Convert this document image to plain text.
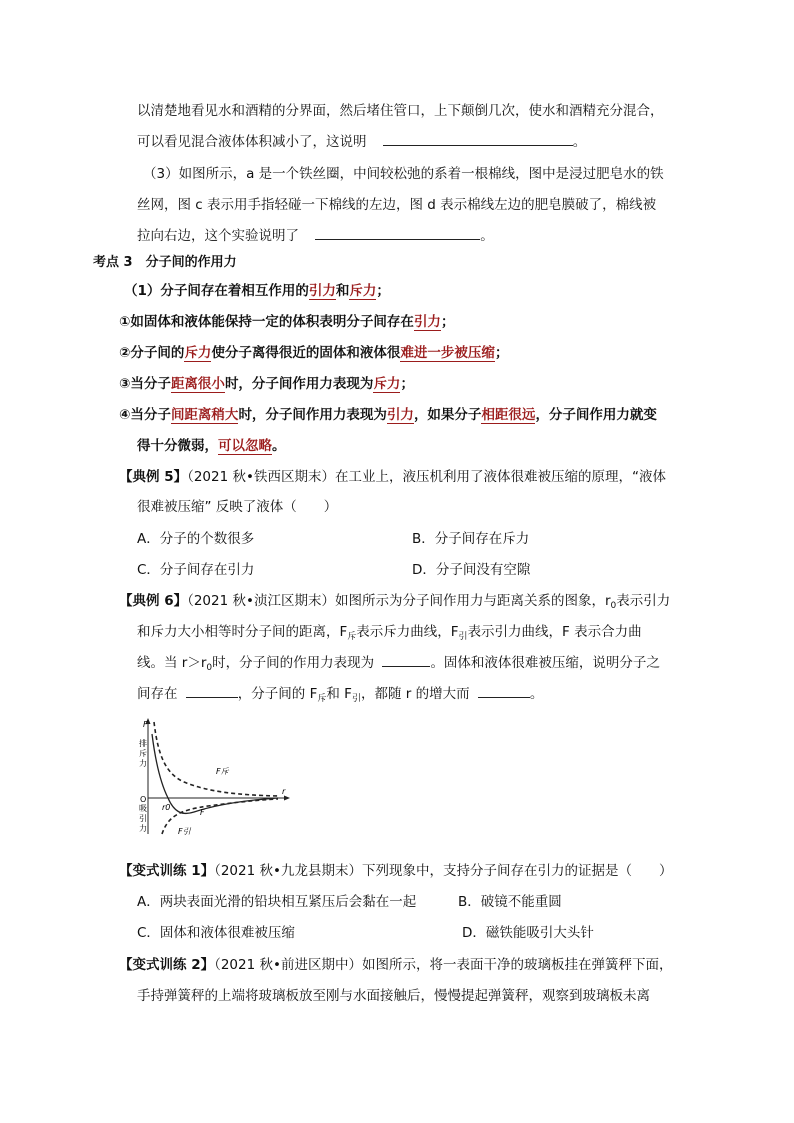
以清楚地看见水和酒精的分界面，然后堵住管口，上下颠倒几次，使水和酒精充分混合，
可以看见混合液体体积减小了，这说明	。
（3）如图所示，a 是一个铁丝圈，中间较松弛的系着一根棉线，图中是浸过肥皂水的铁
丝网，图 c 表示用手指轻碰一下棉线的左边，图 d 表示棉线左边的肥皂膜破了，棉线被
拉向右边，这个实验说明了	。
考点 3　分子间的作用力
（1）分子间存在着相互作用的引力和斥力；
①如固体和液体能保持一定的体积表明分子间存在引力；
②分子间的斥力使分子离得很近的固体和液体很难进一步被压缩；
③当分子距离很小时，分子间作用力表现为斥力；
④当分子间距离稍大时，分子间作用力表现为引力，如果分子相距很远，分子间作用力就变
得十分微弱，可以忽略。
【典例 5】（2021 秋•铁西区期末）在工业上，液压机利用了液体很难被压缩的原理，“液体
很难被压缩” 反映了液体（　　）
A．分子的个数很多	B．分子间存在斥力
C．分子间存在引力	D．分子间没有空隙
【典例 6】（2021 秋•浈江区期末）如图所示为分子间作用力与距离关系的图象，$r_0$表示引力
和斥力大小相等时分子间的距离，$F_斥$表示斥力曲线，$F_引$表示引力曲线，F 表示合力曲
线。当 $r>r_0$时，分子间的作用力表现为	。固体和液体很难被压缩，说明分子之
间存在	，分子间的 $F_斥$和 $F_引$，都随 r 的增大而	。
F
r
O
排
斥
力
吸
引
力
F斥
F
F引
r0
【变式训练 1】（2021 秋•九龙县期末）下列现象中，支持分子间存在引力的证据是（　　）
A．两块表面光滑的铅块相互紧压后会黏在一起	B．破镜不能重圆
C．固体和液体很难被压缩	D．磁铁能吸引大头针
【变式训练 2】（2021 秋•前进区期中）如图所示，将一表面干净的玻璃板挂在弹簧秤下面，
手持弹簧秤的上端将玻璃板放至刚与水面接触后，慢慢提起弹簧秤，观察到玻璃板未离
